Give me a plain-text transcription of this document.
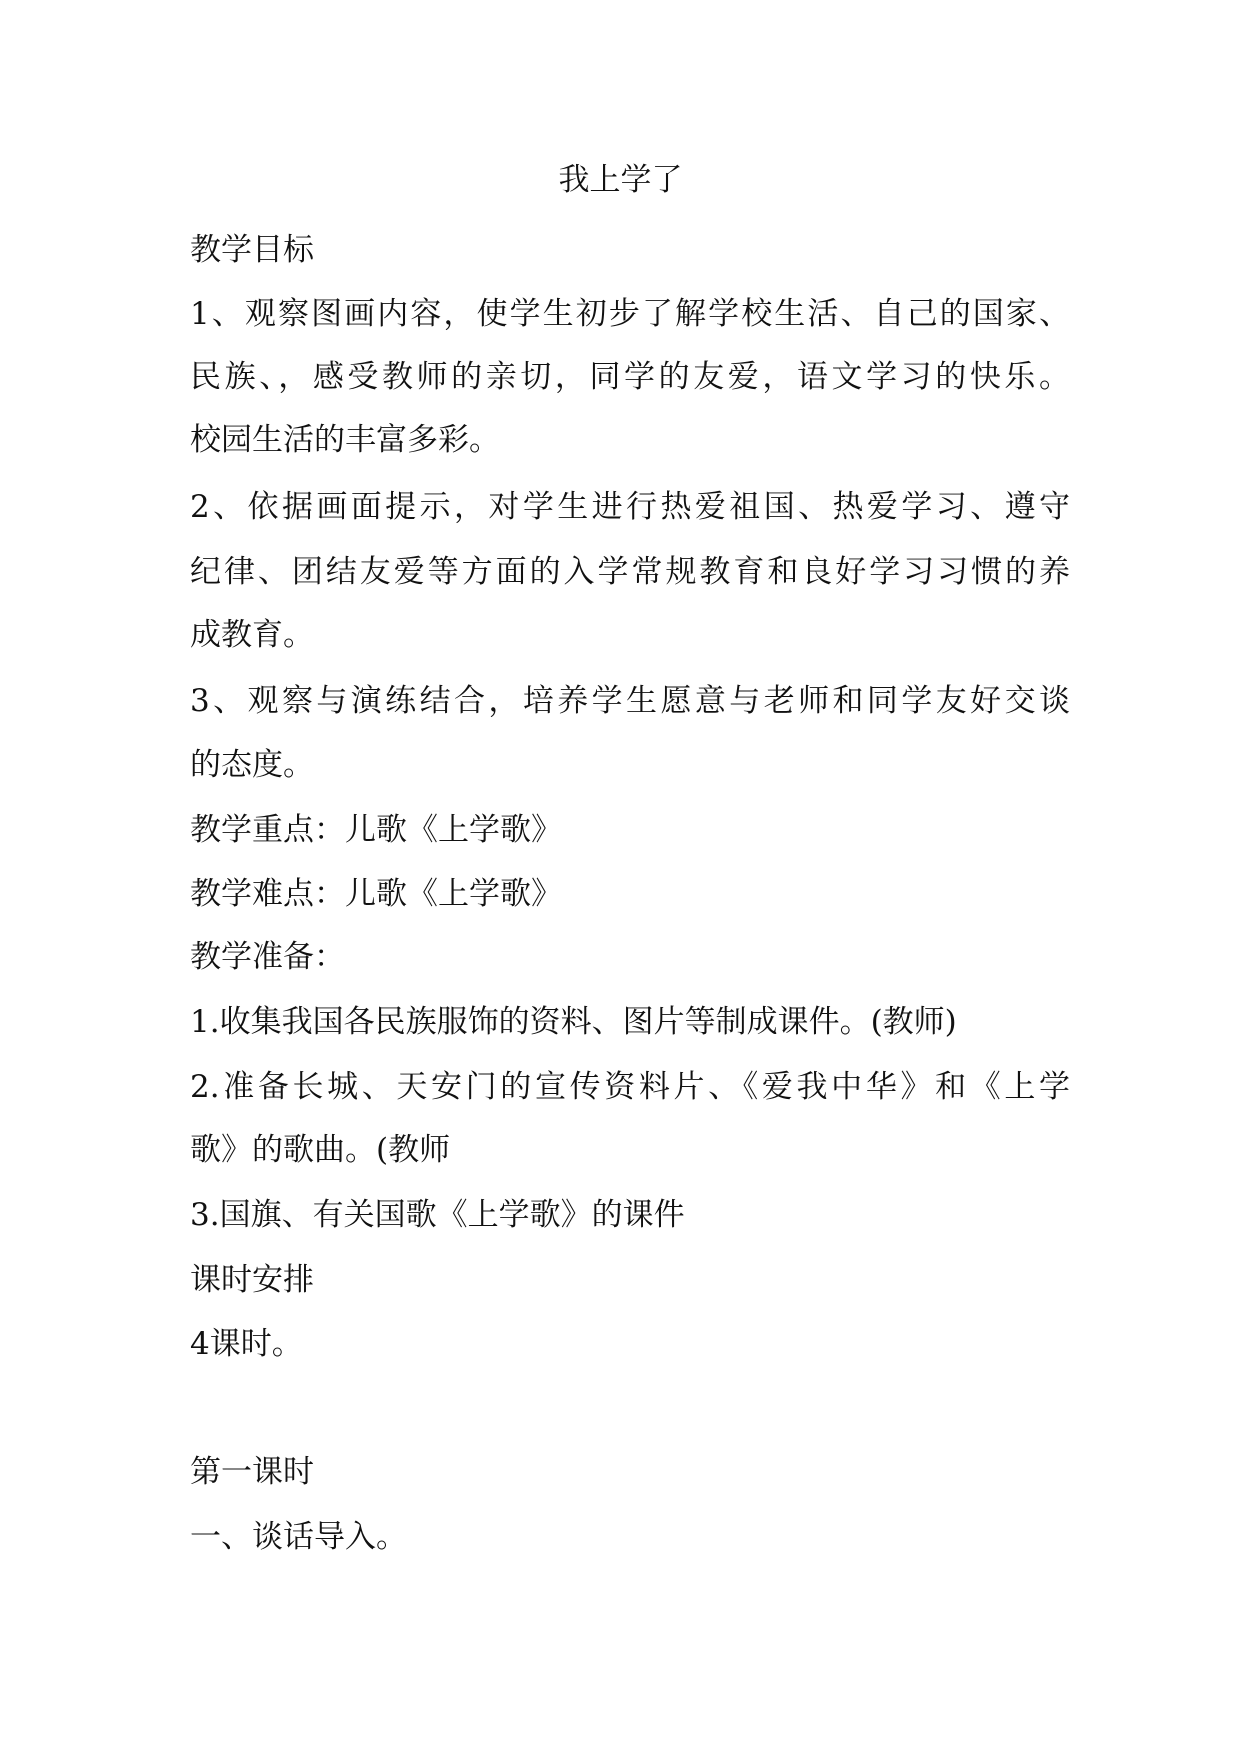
我上学了
教学目标
1、观察图画内容，使学生初步了解学校生活、自己的国家、
民族、，感受教师的亲切，同学的友爱，语文学习的快乐。
校园生活的丰富多彩。
2、依据画面提示，对学生进行热爱祖国、热爱学习、遵守
纪律、团结友爱等方面的入学常规教育和良好学习习惯的养
成教育。
3、观察与演练结合，培养学生愿意与老师和同学友好交谈
的态度。
教学重点：儿歌《上学歌》
教学难点：儿歌《上学歌》
教学准备：
1.收集我国各民族服饰的资料、图片等制成课件。(教师)
2.准备长城、天安门的宣传资料片、《爱我中华》和《上学
歌》的歌曲。(教师
3.国旗、有关国歌《上学歌》的课件
课时安排
4课时。
第一课时
一、谈话导入。
